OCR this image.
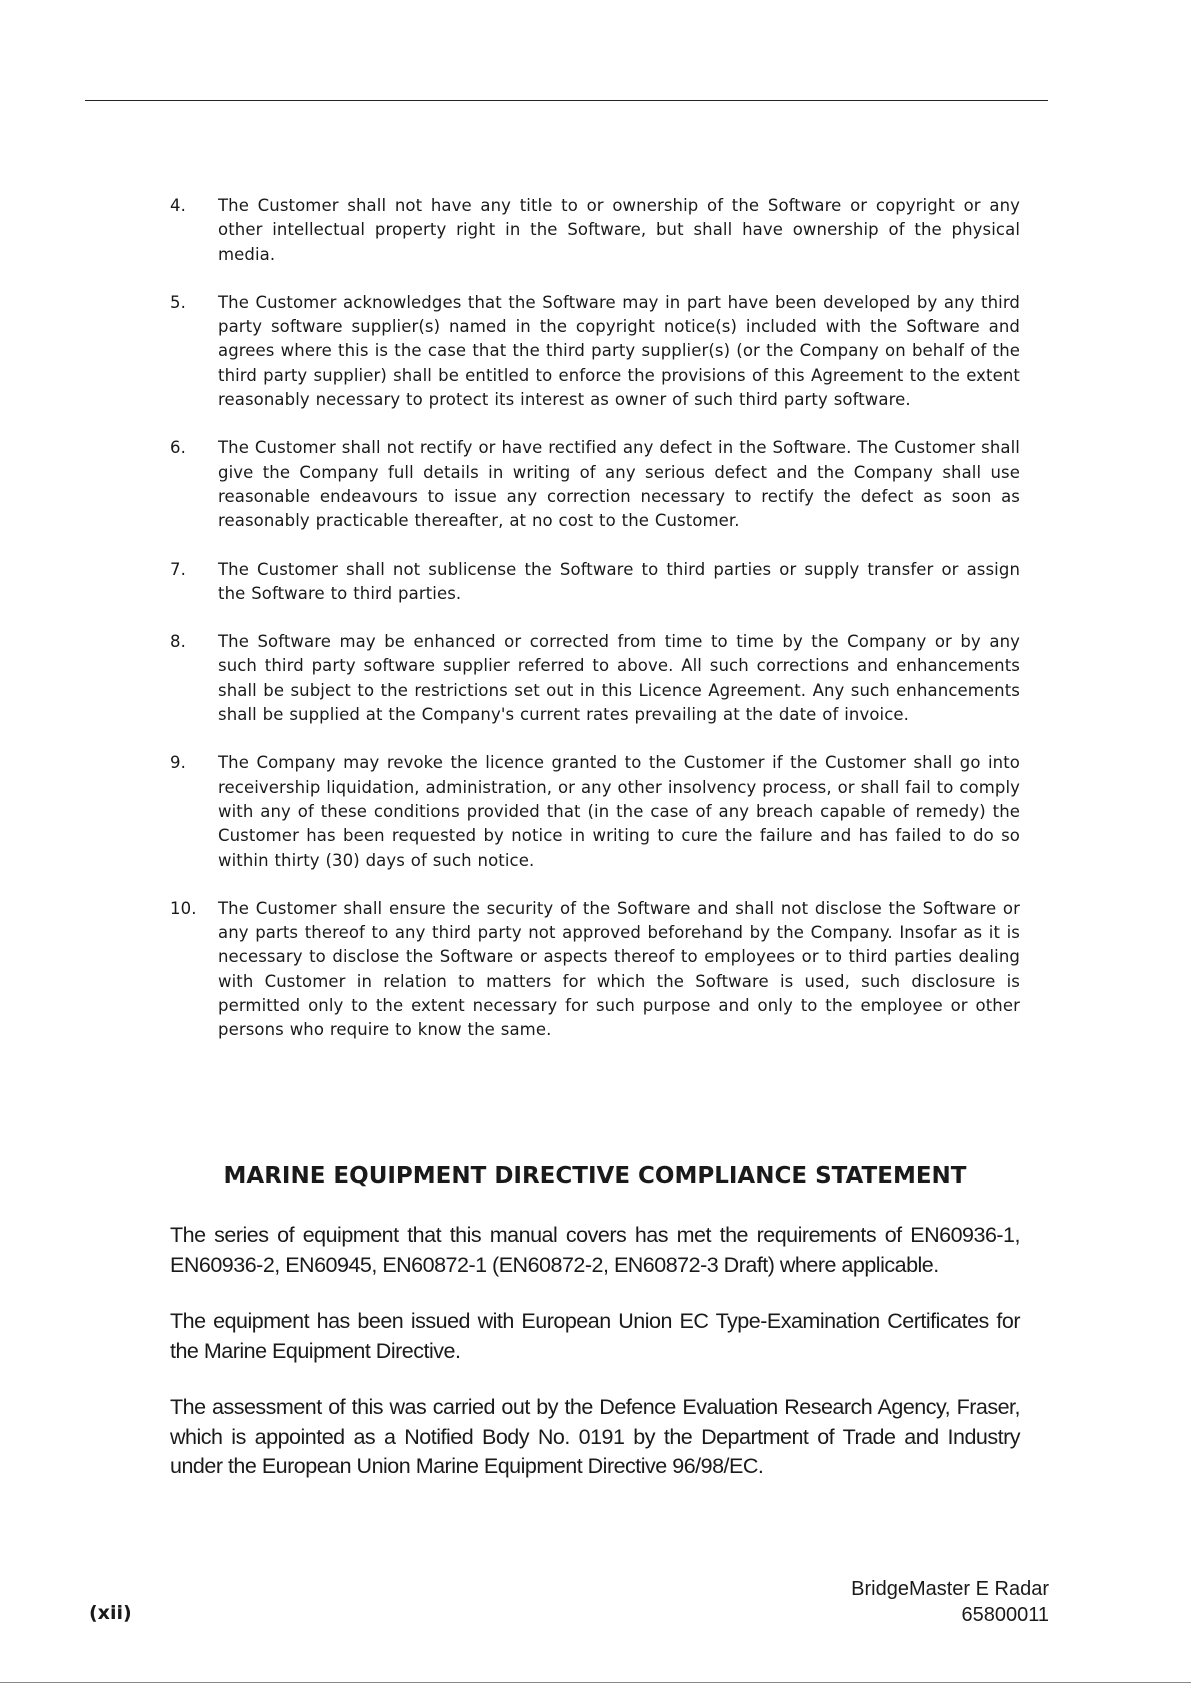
4.	The Customer shall not have any title to or ownership of the Software or copyright or any other intellectual property right in the Software, but shall have ownership of the physical media.
5.	The Customer acknowledges that the Software may in part have been developed by any third party software supplier(s) named in the copyright notice(s) included with the Software and agrees where this is the case that the third party supplier(s) (or the Company on behalf of the third party supplier) shall be entitled to enforce the provisions of this Agreement to the extent reasonably necessary to protect its interest as owner of such third party software.
6.	The Customer shall not rectify or have rectified any defect in the Software. The Customer shall give the Company full details in writing of any serious defect and the Company shall use reasonable endeavours to issue any correction necessary to rectify the defect as soon as reasonably practicable thereafter, at no cost to the Customer.
7.	The Customer shall not sublicense the Software to third parties or supply transfer or assign the Software to third parties.
8.	The Software may be enhanced or corrected from time to time by the Company or by any such third party software supplier referred to above. All such corrections and enhancements shall be subject to the restrictions set out in this Licence Agreement. Any such enhancements shall be supplied at the Company's current rates prevailing at the date of invoice.
9.	The Company may revoke the licence granted to the Customer if the Customer shall go into receivership liquidation, administration, or any other insolvency process, or shall fail to comply with any of these conditions provided that (in the case of any breach capable of remedy) the Customer has been requested by notice in writing to cure the failure and has failed to do so within thirty (30) days of such notice.
10.	The Customer shall ensure the security of the Software and shall not disclose the Software or any parts thereof to any third party not approved beforehand by the Company. Insofar as it is necessary to disclose the Software or aspects thereof to employees or to third parties dealing with Customer in relation to matters for which the Software is used, such disclosure is permitted only to the extent necessary for such purpose and only to the employee or other persons who require to know the same.
MARINE EQUIPMENT DIRECTIVE COMPLIANCE STATEMENT

The series of equipment that this manual covers has met the requirements of EN60936-1, EN60936-2, EN60945, EN60872-1 (EN60872-2, EN60872-3 Draft) where applicable.

The equipment has been issued with European Union EC Type-Examination Certificates for the Marine Equipment Directive.

The assessment of this was carried out by the Defence Evaluation Research Agency, Fraser, which is appointed as a Notified Body No. 0191 by the Department of Trade and Industry under the European Union Marine Equipment Directive 96/98/EC.

(xii)
BridgeMaster E Radar
65800011
